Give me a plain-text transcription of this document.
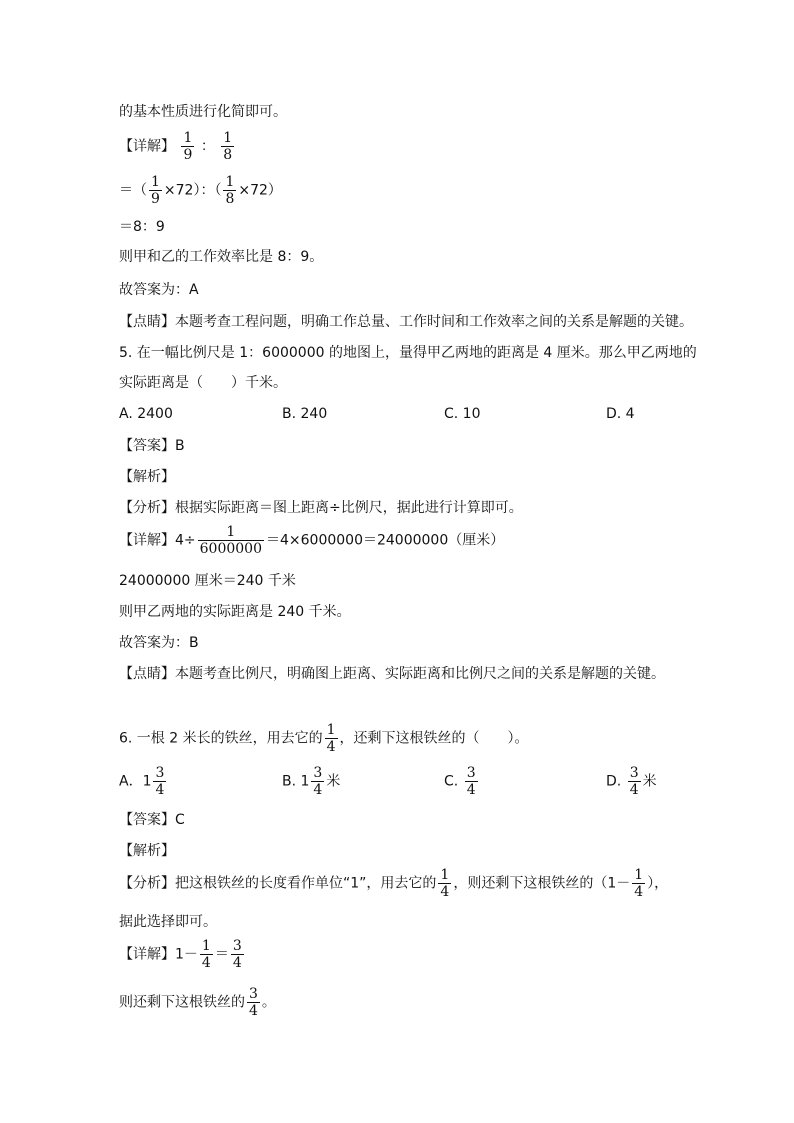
的基本性质进行化简即可。
【详解】 $\frac{1}{9}$ ： $\frac{1}{8}$
＝（ $\frac{1}{9} \times 72$）：（ $\frac{1}{8} \times 72$）
＝8：9
则甲和乙的工作效率比是 8：9。
故答案为：A
【点睛】本题考查工程问题，明确工作总量、工作时间和工作效率之间的关系是解题的关键。
5. 在一幅比例尺是 1：6000000 的地图上，量得甲乙两地的距离是 4 厘米。那么甲乙两地的
实际距离是（　　）千米。
A. 2400	B. 240	C. 10	D. 4
【答案】B
【解析】
【分析】根据实际距离＝图上距离÷比例尺，据此进行计算即可。
【详解】$4\div \frac{1}{6000000} =4\times 6000000=24000000$（厘米）
24000000 厘米＝240 千米
则甲乙两地的实际距离是 240 千米。
故答案为：B
【点睛】本题考查比例尺，明确图上距离、实际距离和比例尺之间的关系是解题的关键。
6. 一根 2 米长的铁丝，用去它的 $\frac{1}{4}$ ，还剩下这根铁丝的（　　）。
A．$1 \frac{3}{4}$	B. $1 \frac{3}{4}$ 米	C. $\frac{3}{4}$	D. $\frac{3}{4}$ 米
【答案】C
【解析】
【分析】把这根铁丝的长度看作单位“1”，用去它的 $\frac{1}{4}$ ，则还剩下这根铁丝的（$1- \frac{1}{4}$ ），
据此选择即可。
【详解】$1- \frac{1}{4} = \frac{3}{4}$
则还剩下这根铁丝的 $\frac{3}{4}$ 。
